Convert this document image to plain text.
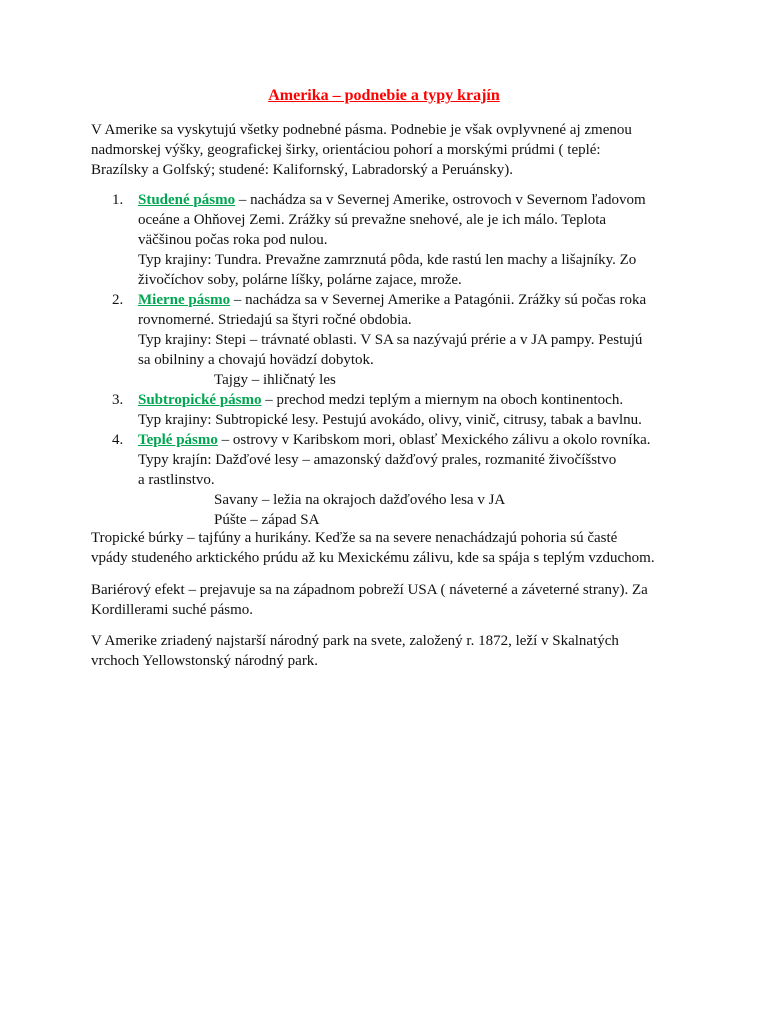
Amerika – podnebie a typy krajín
V Amerike sa vyskytujú všetky podnebné pásma. Podnebie je však ovplyvnené aj zmenou
nadmorskej výšky, geografickej širky, orientáciou pohorí a morskými prúdmi ( teplé:
Brazílsky a Golfský; studené: Kalifornský, Labradorský a Peruánsky).
1. Studené pásmo – nachádza sa v Severnej Amerike, ostrovoch v Severnom ľadovom
oceáne a Ohňovej Zemi. Zrážky sú prevažne snehové, ale je ich málo. Teplota
väčšinou počas roka pod nulou.
Typ krajiny: Tundra. Prevažne zamrznutá pôda, kde rastú len machy a lišajníky. Zo
živočíchov soby, polárne líšky, polárne zajace, mrože.
2. Mierne pásmo – nachádza sa v Severnej Amerike a Patagónii. Zrážky sú počas roka
rovnomerné. Striedajú sa štyri ročné obdobia.
Typ krajiny: Stepi – trávnaté oblasti. V SA sa nazývajú prérie a v JA pampy. Pestujú
sa obilniny a chovajú hovädzí dobytok.
Tajgy – ihličnatý les
3. Subtropické pásmo – prechod medzi teplým a miernym na oboch kontinentoch.
Typ krajiny: Subtropické lesy. Pestujú avokádo, olivy, vinič, citrusy, tabak a bavlnu.
4. Teplé pásmo – ostrovy v Karibskom mori, oblasť Mexického zálivu a okolo rovníka.
Typy krajín: Dažďové lesy – amazonský dažďový prales, rozmanité živočíšstvo
a rastlinstvo.
Savany – ležia na okrajoch dažďového lesa v JA
Púšte – západ SA
Tropické búrky – tajfúny a hurikány. Keďže sa na severe nenachádzajú pohoria sú časté
vpády studeného arktického prúdu až ku Mexickému zálivu, kde sa spája s teplým vzduchom.
Bariérový efekt – prejavuje sa na západnom pobreží USA ( náveterné a záveterné strany). Za
Kordillerami suché pásmo.
V Amerike zriadený najstarší národný park na svete, založený r. 1872, leží v Skalnatých
vrchoch Yellowstonský národný park.
